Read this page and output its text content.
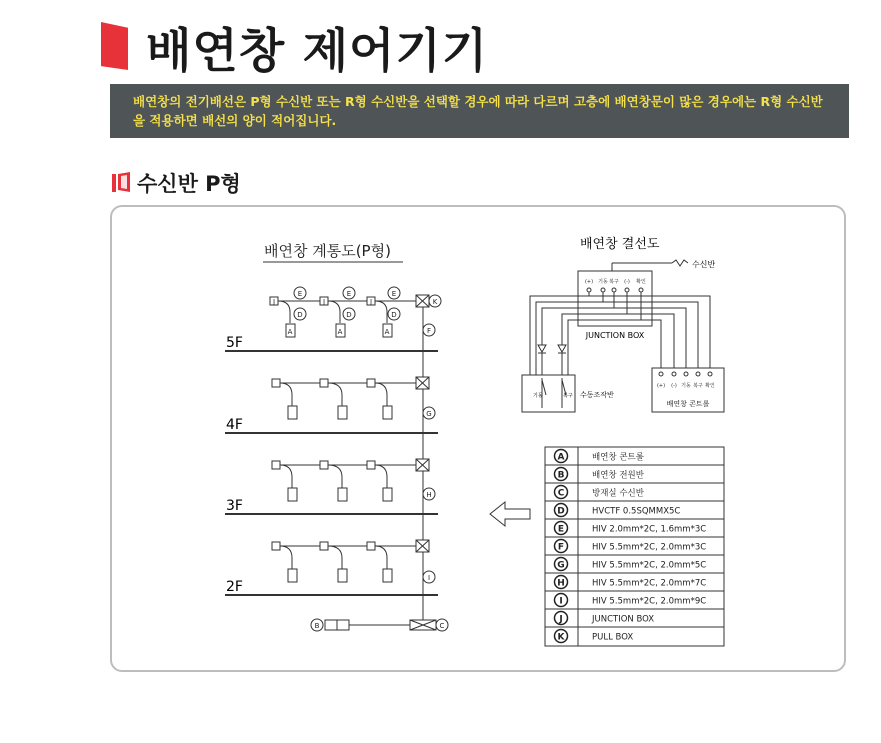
배연창 제어기기
배연창의 전기배선은 P형 수신반 또는 R형 수신반을 선택할 경우에 따라 다르며 고층에 배연창문이 많은 경우에는 R형 수신반을 적용하면 배선의 양이 적어집니다.
수신반 P형
배연창 계통도(P형)
5F
4F
3F
2F
J	J	J
A	A	A
E	E	E
D	D	D
K
F
G
H
I
B	C
배연창 결선도
수신반
(+) 기동 복구 (-) 확인
JUNCTION BOX
기동	복구 수동조작반
(+) (-) 기동 복구 확인
배연창 콘트롤
A	배연창 콘트롤
B	배연창 전원반
C	방재실 수신반
D	HVCTF 0.5SQMMX5C
E	HIV 2.0mm*2C, 1.6mm*3C
F	HIV 5.5mm*2C, 2.0mm*3C
G	HIV 5.5mm*2C, 2.0mm*5C
H	HIV 5.5mm*2C, 2.0mm*7C
I	HIV 5.5mm*2C, 2.0mm*9C
J	JUNCTION BOX
K	PULL BOX
